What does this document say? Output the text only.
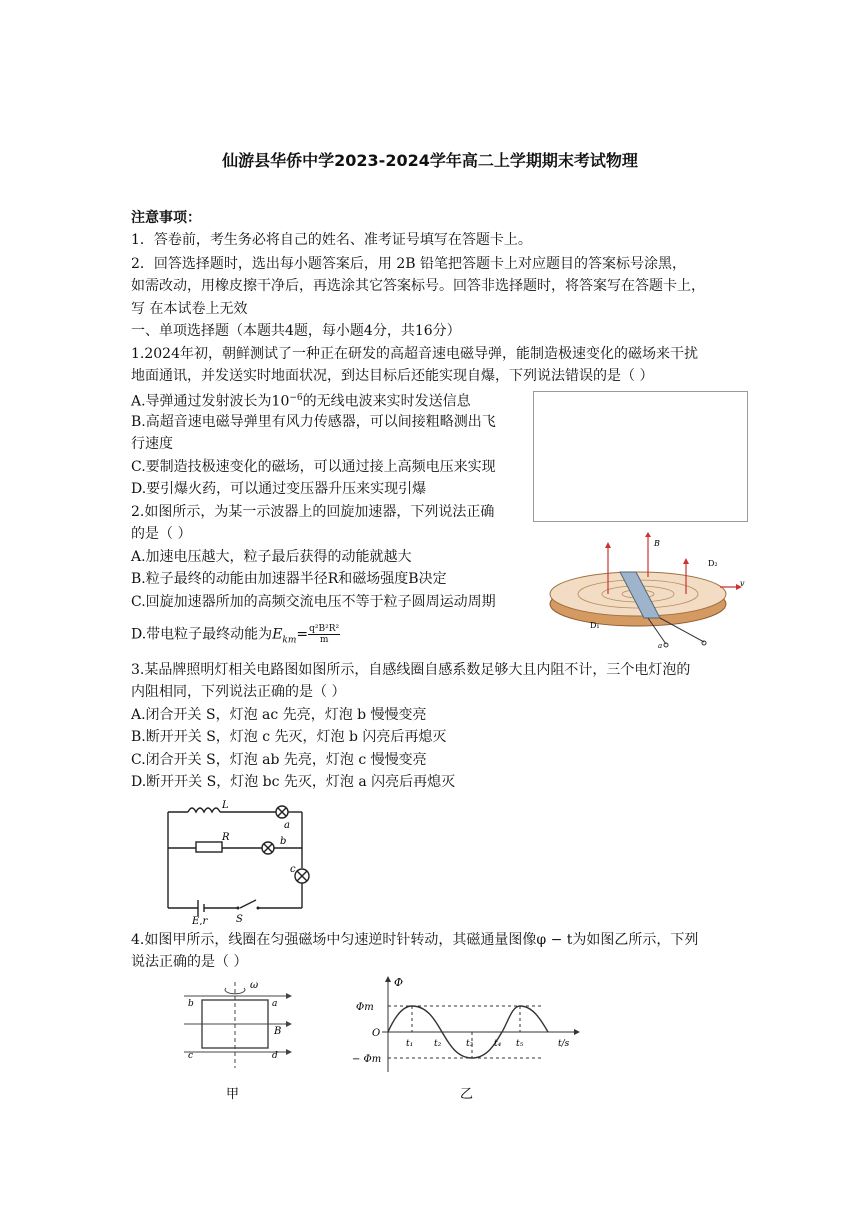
仙游县华侨中学2023-2024学年高二上学期期末考试物理
注意事项：
1．答卷前，考生务必将自己的姓名、准考证号填写在答题卡上。
2．回答选择题时，选出每小题答案后，用 2B 铅笔把答题卡上对应题目的答案标号涂黑，
如需改动，用橡皮擦干净后，再选涂其它答案标号。回答非选择题时，将答案写在答题卡上，
写 在本试卷上无效
一、单项选择题（本题共4题，每小题4分，共16分）
1.2024年初，朝鲜测试了一种正在研发的高超音速电磁导弹，能制造极速变化的磁场来干扰
地面通讯，并发送实时地面状况，到达目标后还能实现自爆，下列说法错误的是（ ）
A.导弹通过发射波长为$10^{-6}$的无线电波来实时发送信息
B.高超音速电磁导弹里有风力传感器，可以间接粗略测出飞
行速度
C.要制造技极速变化的磁场，可以通过接上高频电压来实现
D.要引爆火药，可以通过变压器升压来实现引爆
2.如图所示，为某一示波器上的回旋加速器，下列说法正确
的是（ ）
A.加速电压越大，粒子最后获得的动能就越大
B.粒子最终的动能由加速器半径R和磁场强度B决定
C.回旋加速器所加的高频交流电压不等于粒子圆周运动周期
D.带电粒子最终动能为$E_{km}= \frac{\text{q²B²R²}}{m}$
B
D₂
D₁
v
a
3.某品牌照明灯相关电路图如图所示，自感线圈自感系数足够大且内阻不计，三个电灯泡的
内阻相同，下列说法正确的是（ ）
A.闭合开关 S，灯泡 ac 先亮，灯泡 b 慢慢变亮
B.断开开关 S，灯泡 c 先灭，灯泡 b 闪亮后再熄灭
C.闭合开关 S，灯泡 ab 先亮，灯泡 c 慢慢变亮
D.断开开关 S，灯泡 bc 先灭，灯泡 a 闪亮后再熄灭
L
R
a
b
c
E,r	S
4.如图甲所示，线圈在匀强磁场中匀速逆时针转动，其磁通量图像φ − t为如图乙所示，下列
说法正确的是（ ）
ω
a
b
c	d
B
甲
Φ
Φm
− Φm
O
t₁ t₂	t₃ t₄ t₅	t/s
乙
